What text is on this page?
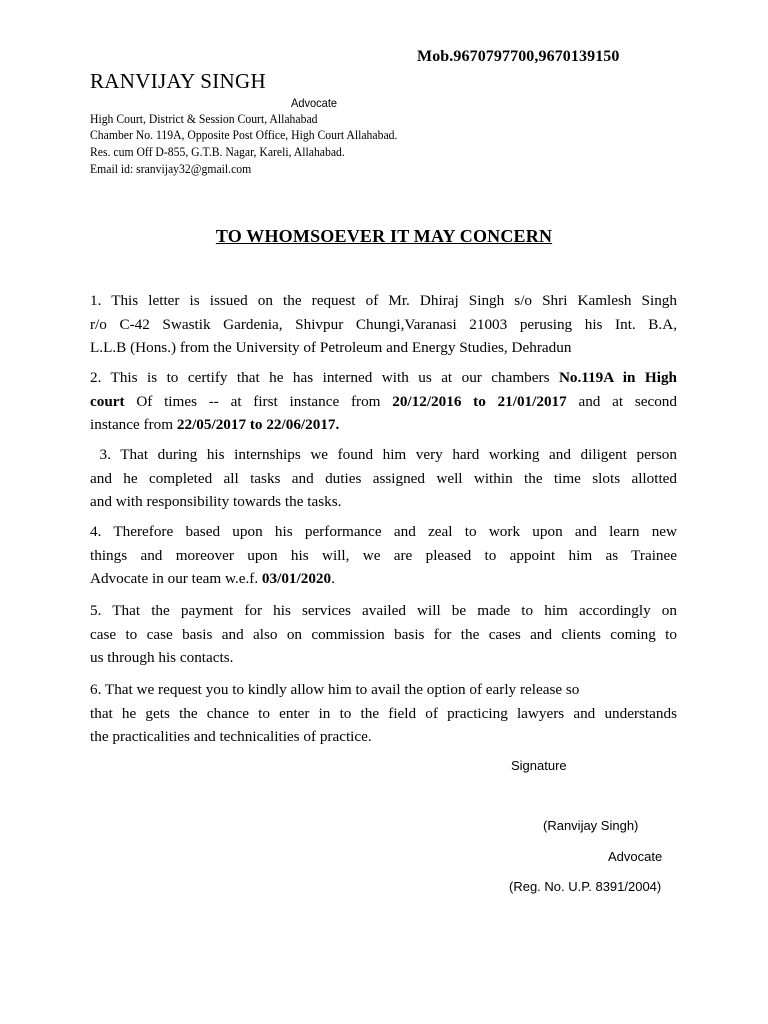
Mob.9670797700,9670139150
RANVIJAY SINGH
Advocate
High Court, District & Session Court, Allahabad
Chamber No. 119A, Opposite Post Office, High Court Allahabad.
Res. cum Off D-855, G.T.B. Nagar, Kareli, Allahabad.
Email id: sranvijay32@gmail.com
TO WHOMSOEVER IT MAY CONCERN
1. This letter is issued on the request of Mr. Dhiraj Singh s/o Shri Kamlesh Singh
r/o C-42 Swastik Gardenia, Shivpur Chungi,Varanasi 21003 perusing his Int. B.A,
L.L.B (Hons.) from the University of Petroleum and Energy Studies, Dehradun
2. This is to certify that he has interned with us at our chambers No.119A in High
court Of times -- at first instance from 20/12/2016 to 21/01/2017 and at second
instance from 22/05/2017 to 22/06/2017.
3. That during his internships we found him very hard working and diligent person
and he completed all tasks and duties assigned well within the time slots allotted
and with responsibility towards the tasks.
4. Therefore based upon his performance and zeal to work upon and learn new
things and moreover upon his will, we are pleased to appoint him as Trainee
Advocate in our team w.e.f. 03/01/2020.
5. That the payment for his services availed will be made to him accordingly on
case to case basis and also on commission basis for the cases and clients coming to
us through his contacts.
6. That we request you to kindly allow him to avail the option of early release so
that he gets the chance to enter in to the field of practicing lawyers and understands
the practicalities and technicalities of practice.
Signature
(Ranvijay Singh)
Advocate
(Reg. No. U.P. 8391/2004)
